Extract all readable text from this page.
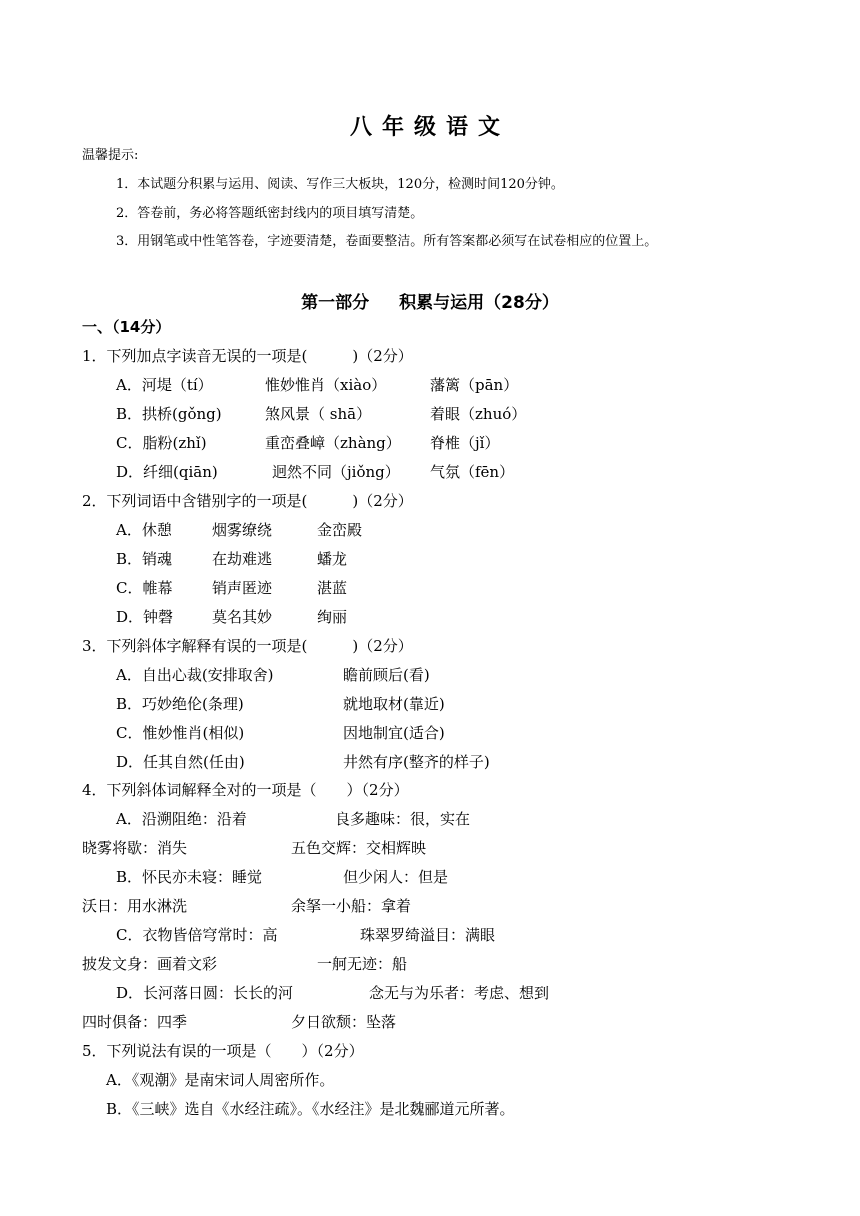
八年级语文
温馨提示:
1．本试题分积累与运用、阅读、写作三大板块，120分，检测时间120分钟。
2．答卷前，务必将答题纸密封线内的项目填写清楚。
3．用钢笔或中性笔答卷，字迹要清楚，卷面要整洁。所有答案都必须写在试卷相应的位置上。
第一部分 积累与运用（28分）
一、（14分）
1．下列加点字读音无误的一项是(　　　)（2分）
A．河堤（tí）	惟妙惟肖（xiào）	藩篱（pān）
B．拱桥(gǒng)	煞风景（ shā）	着眼（zhuó）
C．脂粉(zhǐ)	重峦叠嶂（zhàng） 脊椎（jǐ）
D．纤细(qiān)	迥然不同（jiǒng） 气氛（fēn）
2．下列词语中含错别字的一项是(　　　)（2分）
A．休憩	烟雾缭绕	金峦殿
B．销魂	在劫难逃	蟠龙
C．帷幕	销声匿迹	湛蓝
D．钟磬	莫名其妙	绚丽
3．下列斜体字解释有误的一项是(　　　)（2分）
A．自出心裁(安排取舍)	瞻前顾后(看)
B．巧妙绝伦(条理)	就地取材(靠近)
C．惟妙惟肖(相似)	因地制宜(适合)
D．任其自然(任由)	井然有序(整齐的样子)
4．下列斜体词解释全对的一项是（　　）（2分）
A．沿溯阻绝：沿着	良多趣味：很，实在
晓雾将歇：消失	五色交辉：交相辉映
B．怀民亦未寝：睡觉	但少闲人：但是
沃日：用水淋洗	余拏一小船：拿着
C．衣物皆倍穹常时：高	珠翠罗绮溢目：满眼
披发文身：画着文彩	一舸无迹：船
D．长河落日圆：长长的河	念无与为乐者：考虑、想到
四时俱备：四季	夕日欲颓：坠落
5．下列说法有误的一项是（　　）（2分）
A．《观潮》是南宋词人周密所作。
B．《三峡》选自《水经注疏》。《水经注》是北魏郦道元所著。
